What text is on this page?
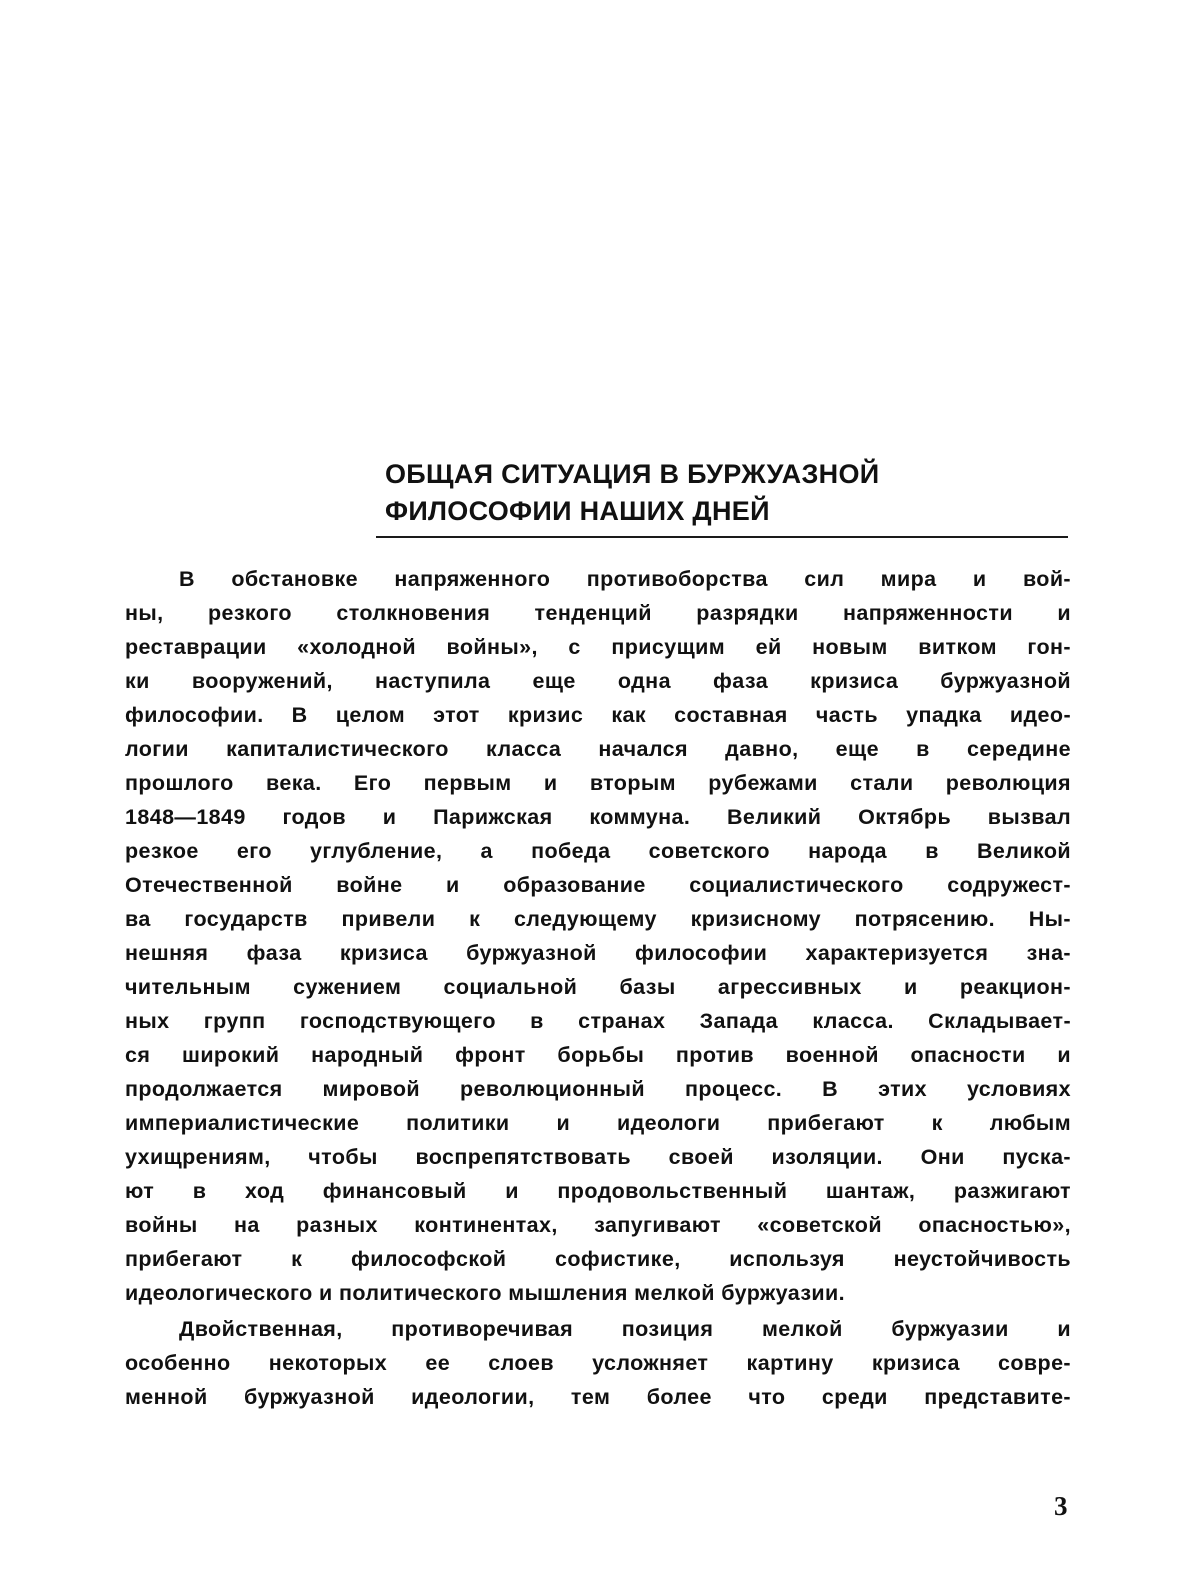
ОБЩАЯ СИТУАЦИЯ В БУРЖУАЗНОЙ
ФИЛОСОФИИ НАШИХ ДНЕЙ
В обстановке напряженного противоборства сил мира и вой-
ны, резкого столкновения тенденций разрядки напряженности и
реставрации «холодной войны», с присущим ей новым витком гон-
ки вооружений, наступила еще одна фаза кризиса буржуазной
философии. В целом этот кризис как составная часть упадка идео-
логии капиталистического класса начался давно, еще в середине
прошлого века. Его первым и вторым рубежами стали революция
1848—1849 годов и Парижская коммуна. Великий Октябрь вызвал
резкое его углубление, а победа советского народа в Великой
Отечественной войне и образование социалистического содружест-
ва государств привели к следующему кризисному потрясению. Ны-
нешняя фаза кризиса буржуазной философии характеризуется зна-
чительным сужением социальной базы агрессивных и реакцион-
ных групп господствующего в странах Запада класса. Складывает-
ся широкий народный фронт борьбы против военной опасности и
продолжается мировой революционный процесс. В этих условиях
империалистические политики и идеологи прибегают к любым
ухищрениям, чтобы воспрепятствовать своей изоляции. Они пуска-
ют в ход финансовый и продовольственный шантаж, разжигают
войны на разных континентах, запугивают «советской опасностью»,
прибегают к философской софистике, используя неустойчивость
идеологического и политического мышления мелкой буржуазии.
Двойственная, противоречивая позиция мелкой буржуазии и
особенно некоторых ее слоев усложняет картину кризиса совре-
менной буржуазной идеологии, тем более что среди представите-
3
